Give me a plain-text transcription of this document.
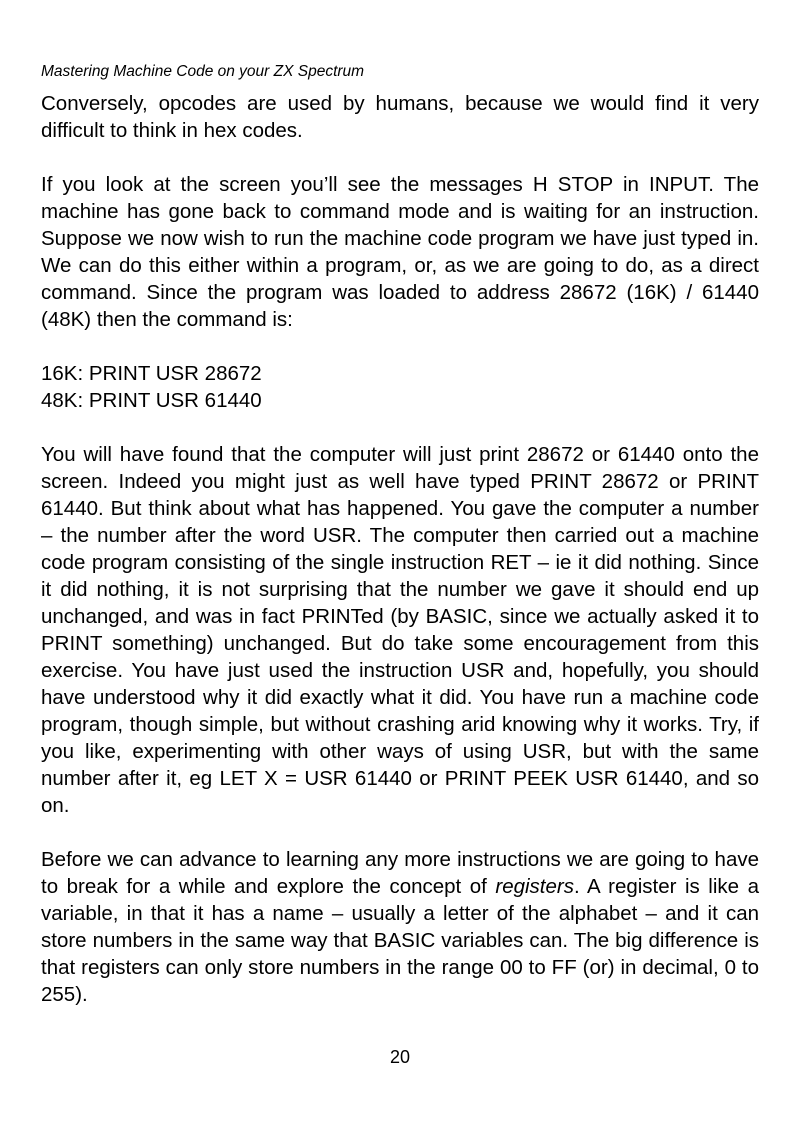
Mastering Machine Code on your ZX Spectrum

Conversely, opcodes are used by humans, because we would find it very difficult to think in hex codes.

If you look at the screen you’ll see the messages H STOP in INPUT. The machine has gone back to command mode and is waiting for an instruction. Suppose we now wish to run the machine code program we have just typed in. We can do this either within a program, or, as we are going to do, as a direct command. Since the program was loaded to address 28672 (16K) / 61440 (48K) then the command is:

16K: PRINT USR 28672
48K: PRINT USR 61440

You will have found that the computer will just print 28672 or 61440 onto the screen. Indeed you might just as well have typed PRINT 28672 or PRINT 61440. But think about what has happened. You gave the computer a number – the number after the word USR. The computer then carried out a machine code program consisting of the single instruction RET – ie it did nothing. Since it did nothing, it is not surprising that the number we gave it should end up unchanged, and was in fact PRINTed (by BASIC, since we actually asked it to PRINT something) unchanged. But do take some encouragement from this exercise. You have just used the instruction USR and, hopefully, you should have understood why it did exactly what it did. You have run a machine code program, though simple, but without crashing arid knowing why it works. Try, if you like, experimenting with other ways of using USR, but with the same number after it, eg LET X = USR 61440 or PRINT PEEK USR 61440, and so on.

Before we can advance to learning any more instructions we are going to have to break for a while and explore the concept of registers. A register is like a variable, in that it has a name – usually a letter of the alphabet – and it can store numbers in the same way that BASIC variables can. The big difference is that registers can only store numbers in the range 00 to FF (or) in decimal, 0 to 255).

20
